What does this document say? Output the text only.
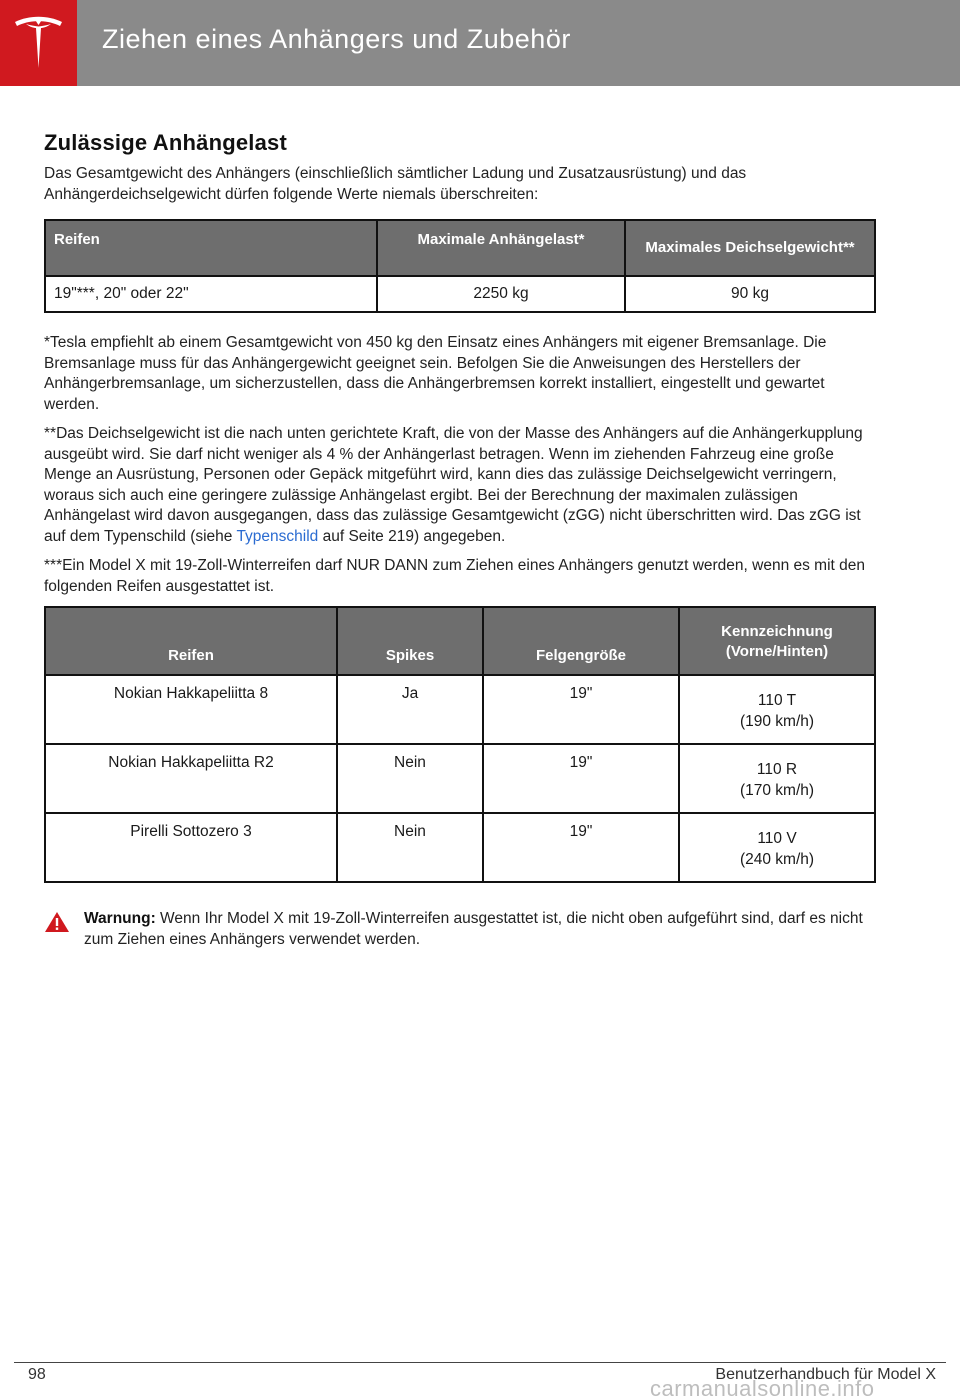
Ziehen eines Anhängers und Zubehör
Zulässige Anhängelast

Das Gesamtgewicht des Anhängers (einschließlich sämtlicher Ladung und Zusatzausrüstung) und das Anhängerdeichselgewicht dürfen folgende Werte niemals überschreiten:

Reifen	Maximale Anhängelast*	Maximales Deichselgewicht**
19"***, 20" oder 22"	2250 kg	90 kg

*Tesla empfiehlt ab einem Gesamtgewicht von 450 kg den Einsatz eines Anhängers mit eigener Bremsanlage. Die Bremsanlage muss für das Anhängergewicht geeignet sein. Befolgen Sie die Anweisungen des Herstellers der Anhängerbremsanlage, um sicherzustellen, dass die Anhängerbremsen korrekt installiert, eingestellt und gewartet werden.

**Das Deichselgewicht ist die nach unten gerichtete Kraft, die von der Masse des Anhängers auf die Anhängerkupplung ausgeübt wird. Sie darf nicht weniger als 4 % der Anhängerlast betragen. Wenn im ziehenden Fahrzeug eine große Menge an Ausrüstung, Personen oder Gepäck mitgeführt wird, kann dies das zulässige Deichselgewicht verringern, woraus sich auch eine geringere zulässige Anhängelast ergibt. Bei der Berechnung der maximalen zulässigen Anhängelast wird davon ausgegangen, dass das zulässige Gesamtgewicht (zGG) nicht überschritten wird. Das zGG ist auf dem Typenschild (siehe Typenschild auf Seite 219) angegeben.

***Ein Model X mit 19-Zoll-Winterreifen darf NUR DANN zum Ziehen eines Anhängers genutzt werden, wenn es mit den folgenden Reifen ausgestattet ist.

Reifen	Spikes	Felgengröße	Kennzeichnung
(Vorne/Hinten)
Nokian Hakkapeliitta 8	Ja	19"	110 T
(190 km/h)
Nokian Hakkapeliitta R2	Nein	19"	110 R
(170 km/h)
Pirelli Sottozero 3	Nein	19"	110 V
(240 km/h)

Warnung: Wenn Ihr Model X mit 19-Zoll-Winterreifen ausgestattet ist, die nicht oben aufgeführt sind, darf es nicht zum Ziehen eines Anhängers verwendet werden.

98	Benutzerhandbuch für Model X
carmanualsonline.info
